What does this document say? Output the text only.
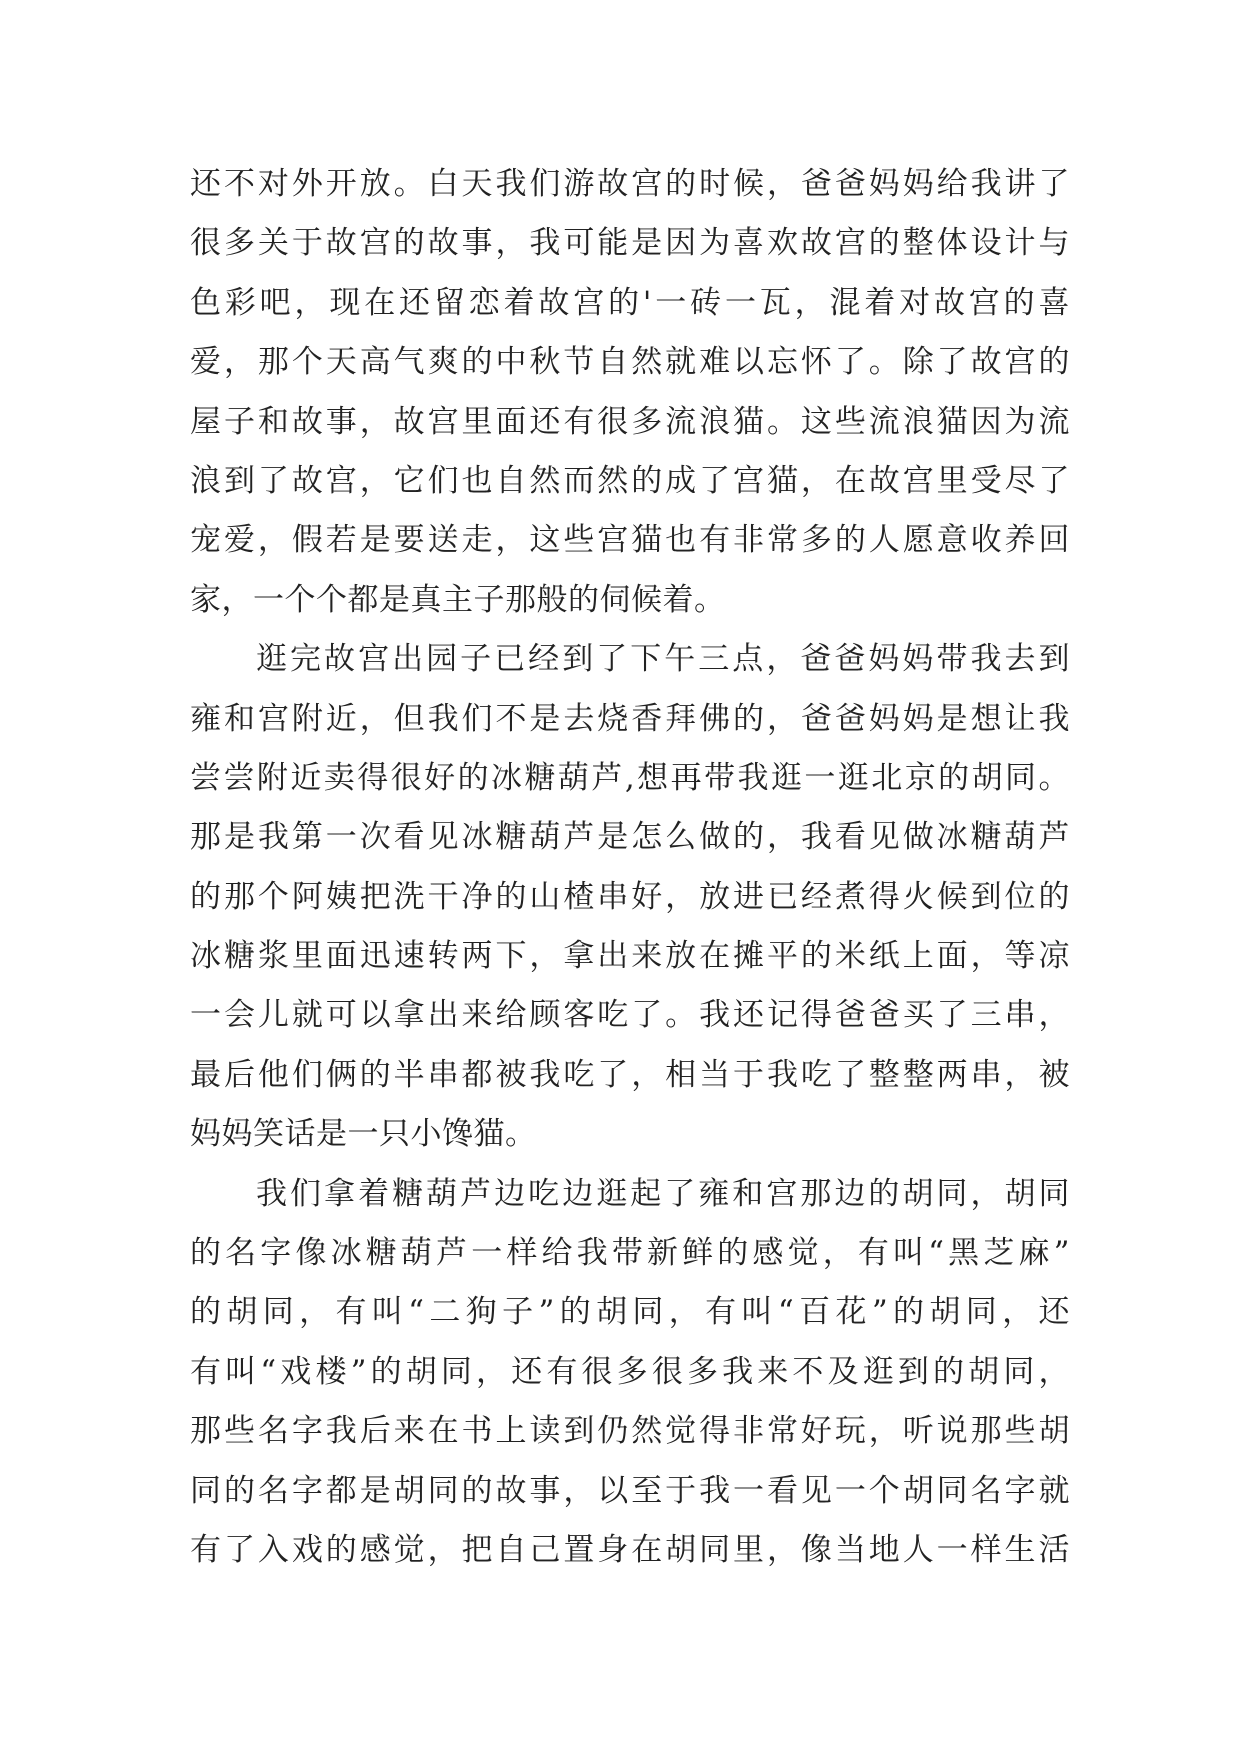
还不对外开放。白天我们游故宫的时候，爸爸妈妈给我讲了
很多关于故宫的故事，我可能是因为喜欢故宫的整体设计与
色彩吧，现在还留恋着故宫的'一砖一瓦，混着对故宫的喜
爱，那个天高气爽的中秋节自然就难以忘怀了。除了故宫的
屋子和故事，故宫里面还有很多流浪猫。这些流浪猫因为流
浪到了故宫，它们也自然而然的成了宫猫，在故宫里受尽了
宠爱，假若是要送走，这些宫猫也有非常多的人愿意收养回
家，一个个都是真主子那般的伺候着。
逛完故宫出园子已经到了下午三点，爸爸妈妈带我去到
雍和宫附近，但我们不是去烧香拜佛的，爸爸妈妈是想让我
尝尝附近卖得很好的冰糖葫芦,想再带我逛一逛北京的胡同。
那是我第一次看见冰糖葫芦是怎么做的，我看见做冰糖葫芦
的那个阿姨把洗干净的山楂串好，放进已经煮得火候到位的
冰糖浆里面迅速转两下，拿出来放在摊平的米纸上面，等凉
一会儿就可以拿出来给顾客吃了。我还记得爸爸买了三串，
最后他们俩的半串都被我吃了，相当于我吃了整整两串，被
妈妈笑话是一只小馋猫。
我们拿着糖葫芦边吃边逛起了雍和宫那边的胡同，胡同
的名字像冰糖葫芦一样给我带新鲜的感觉，有叫“黑芝麻”
的胡同，有叫“二狗子”的胡同，有叫“百花”的胡同，还
有叫“戏楼”的胡同，还有很多很多我来不及逛到的胡同，
那些名字我后来在书上读到仍然觉得非常好玩，听说那些胡
同的名字都是胡同的故事，以至于我一看见一个胡同名字就
有了入戏的感觉，把自己置身在胡同里，像当地人一样生活
